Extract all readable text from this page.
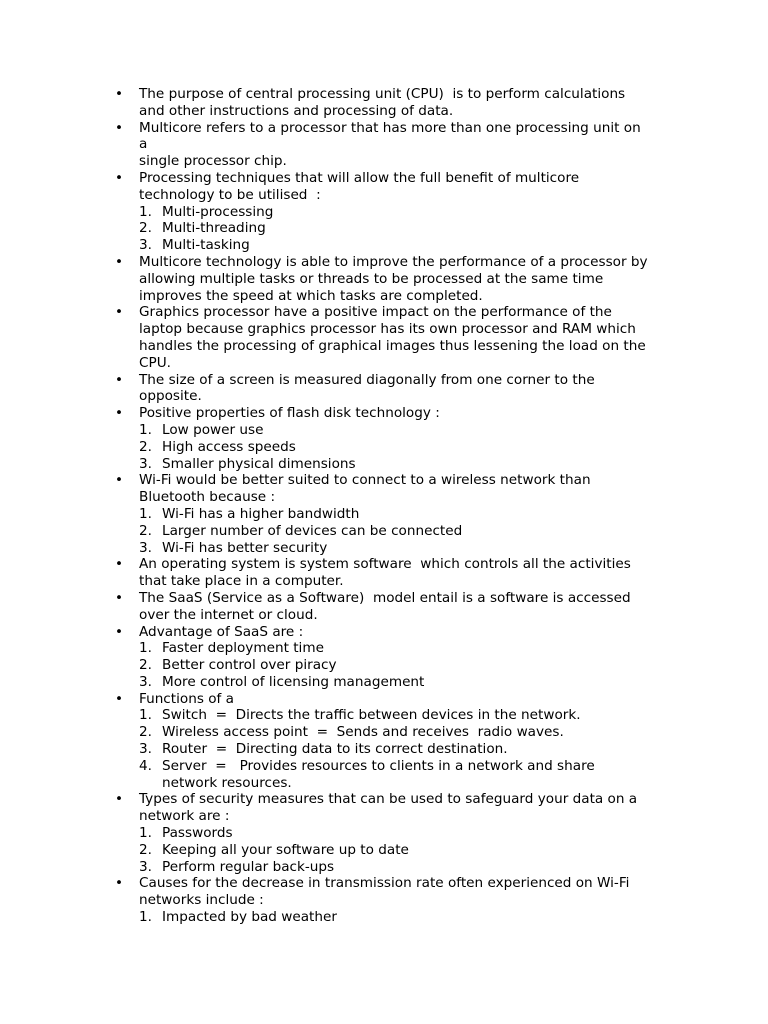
• The purpose of central processing unit (CPU)  is to perform calculations
and other instructions and processing of data.
• Multicore refers to a processor that has more than one processing unit on
a
single processor chip.
• Processing techniques that will allow the full benefit of multicore
technology to be utilised  :
1. Multi-processing
2. Multi-threading
3. Multi-tasking
• Multicore technology is able to improve the performance of a processor by
allowing multiple tasks or threads to be processed at the same time
improves the speed at which tasks are completed.
• Graphics processor have a positive impact on the performance of the
laptop because graphics processor has its own processor and RAM which
handles the processing of graphical images thus lessening the load on the
CPU.
• The size of a screen is measured diagonally from one corner to the
opposite.
• Positive properties of flash disk technology :
1. Low power use
2. High access speeds
3. Smaller physical dimensions
• Wi-Fi would be better suited to connect to a wireless network than
Bluetooth because :
1. Wi-Fi has a higher bandwidth
2. Larger number of devices can be connected
3. Wi-Fi has better security
• An operating system is system software  which controls all the activities
that take place in a computer.
• The SaaS (Service as a Software)  model entail is a software is accessed
over the internet or cloud.
• Advantage of SaaS are :
1. Faster deployment time
2. Better control over piracy
3. More control of licensing management
• Functions of a
1. Switch  =  Directs the traffic between devices in the network.
2. Wireless access point  =  Sends and receives  radio waves.
3. Router  =  Directing data to its correct destination.
4. Server  =   Provides resources to clients in a network and share
network resources.
• Types of security measures that can be used to safeguard your data on a
network are :
1. Passwords
2. Keeping all your software up to date
3. Perform regular back-ups
• Causes for the decrease in transmission rate often experienced on Wi-Fi
networks include :
1. Impacted by bad weather
